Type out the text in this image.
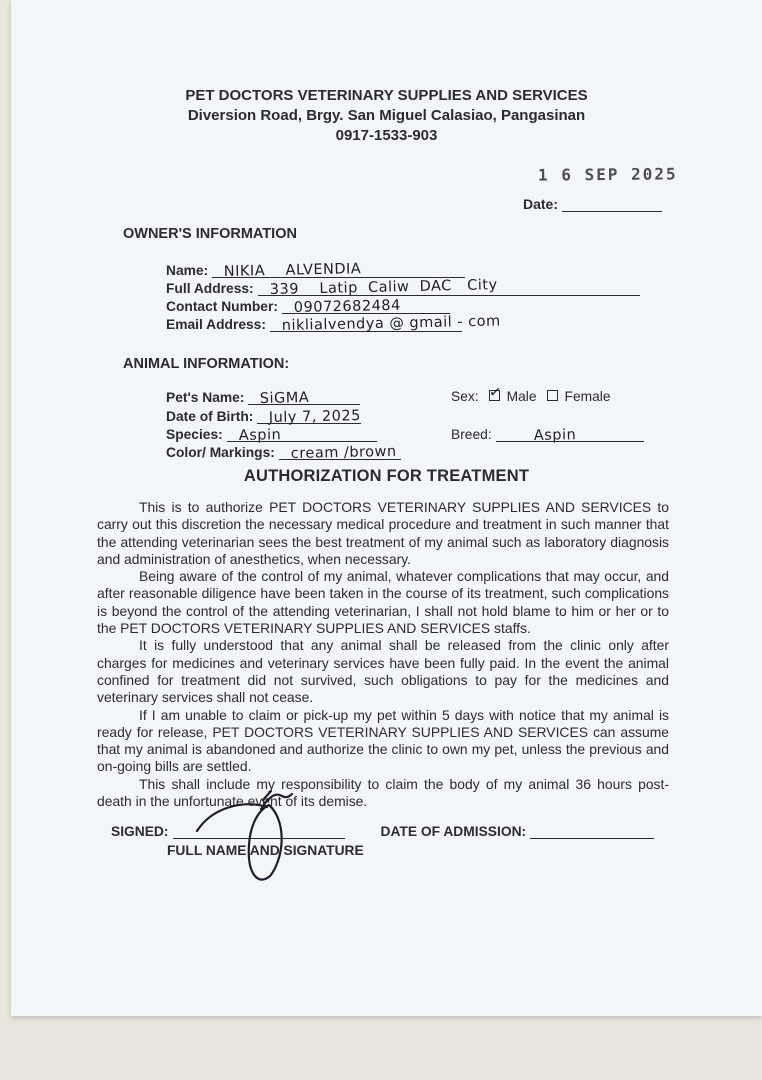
PET DOCTORS VETERINARY SUPPLIES AND SERVICES
Diversion Road, Brgy. San Miguel Calasiao, Pangasinan
0917-1533-903
1 6 SEP 2025
Date:
OWNER'S INFORMATION
Name: NIKIA    ALVENDIA
Full Address: 339    Latip  Caliw  DAC   City
Contact Number: 09072682484
Email Address: niklialvendya @ gmail - com
ANIMAL INFORMATION:
Pet's Name: SiGMA	Sex: ✓ Male Female
Date of Birth: July 7, 2025
Species: Aspin	Breed:	Aspin
Color/ Markings: cream /brown
AUTHORIZATION FOR TREATMENT

This is to authorize PET DOCTORS VETERINARY SUPPLIES AND SERVICES to carry out this discretion the necessary medical procedure and treatment in such manner that the attending veterinarian sees the best treatment of my animal such as laboratory diagnosis and administration of anesthetics, when necessary.

Being aware of the control of my animal, whatever complications that may occur, and after reasonable diligence have been taken in the course of its treatment, such complications is beyond the control of the attending veterinarian, I shall not hold blame to him or her or to the PET DOCTORS VETERINARY SUPPLIES AND SERVICES staffs.

It is fully understood that any animal shall be released from the clinic only after charges for medicines and veterinary services have been fully paid. In the event the animal confined for treatment did not survived, such obligations to pay for the medicines and veterinary services shall not cease.

If I am unable to claim or pick-up my pet within 5 days with notice that my animal is ready for release, PET DOCTORS VETERINARY SUPPLIES AND SERVICES can assume that my animal is abandoned and authorize the clinic to own my pet, unless the previous and on-going bills are settled.

This shall include my responsibility to claim the body of my animal 36 hours post-death in the unfortunate event of its demise.

SIGNED:	DATE OF ADMISSION:
FULL NAME AND SIGNATURE
